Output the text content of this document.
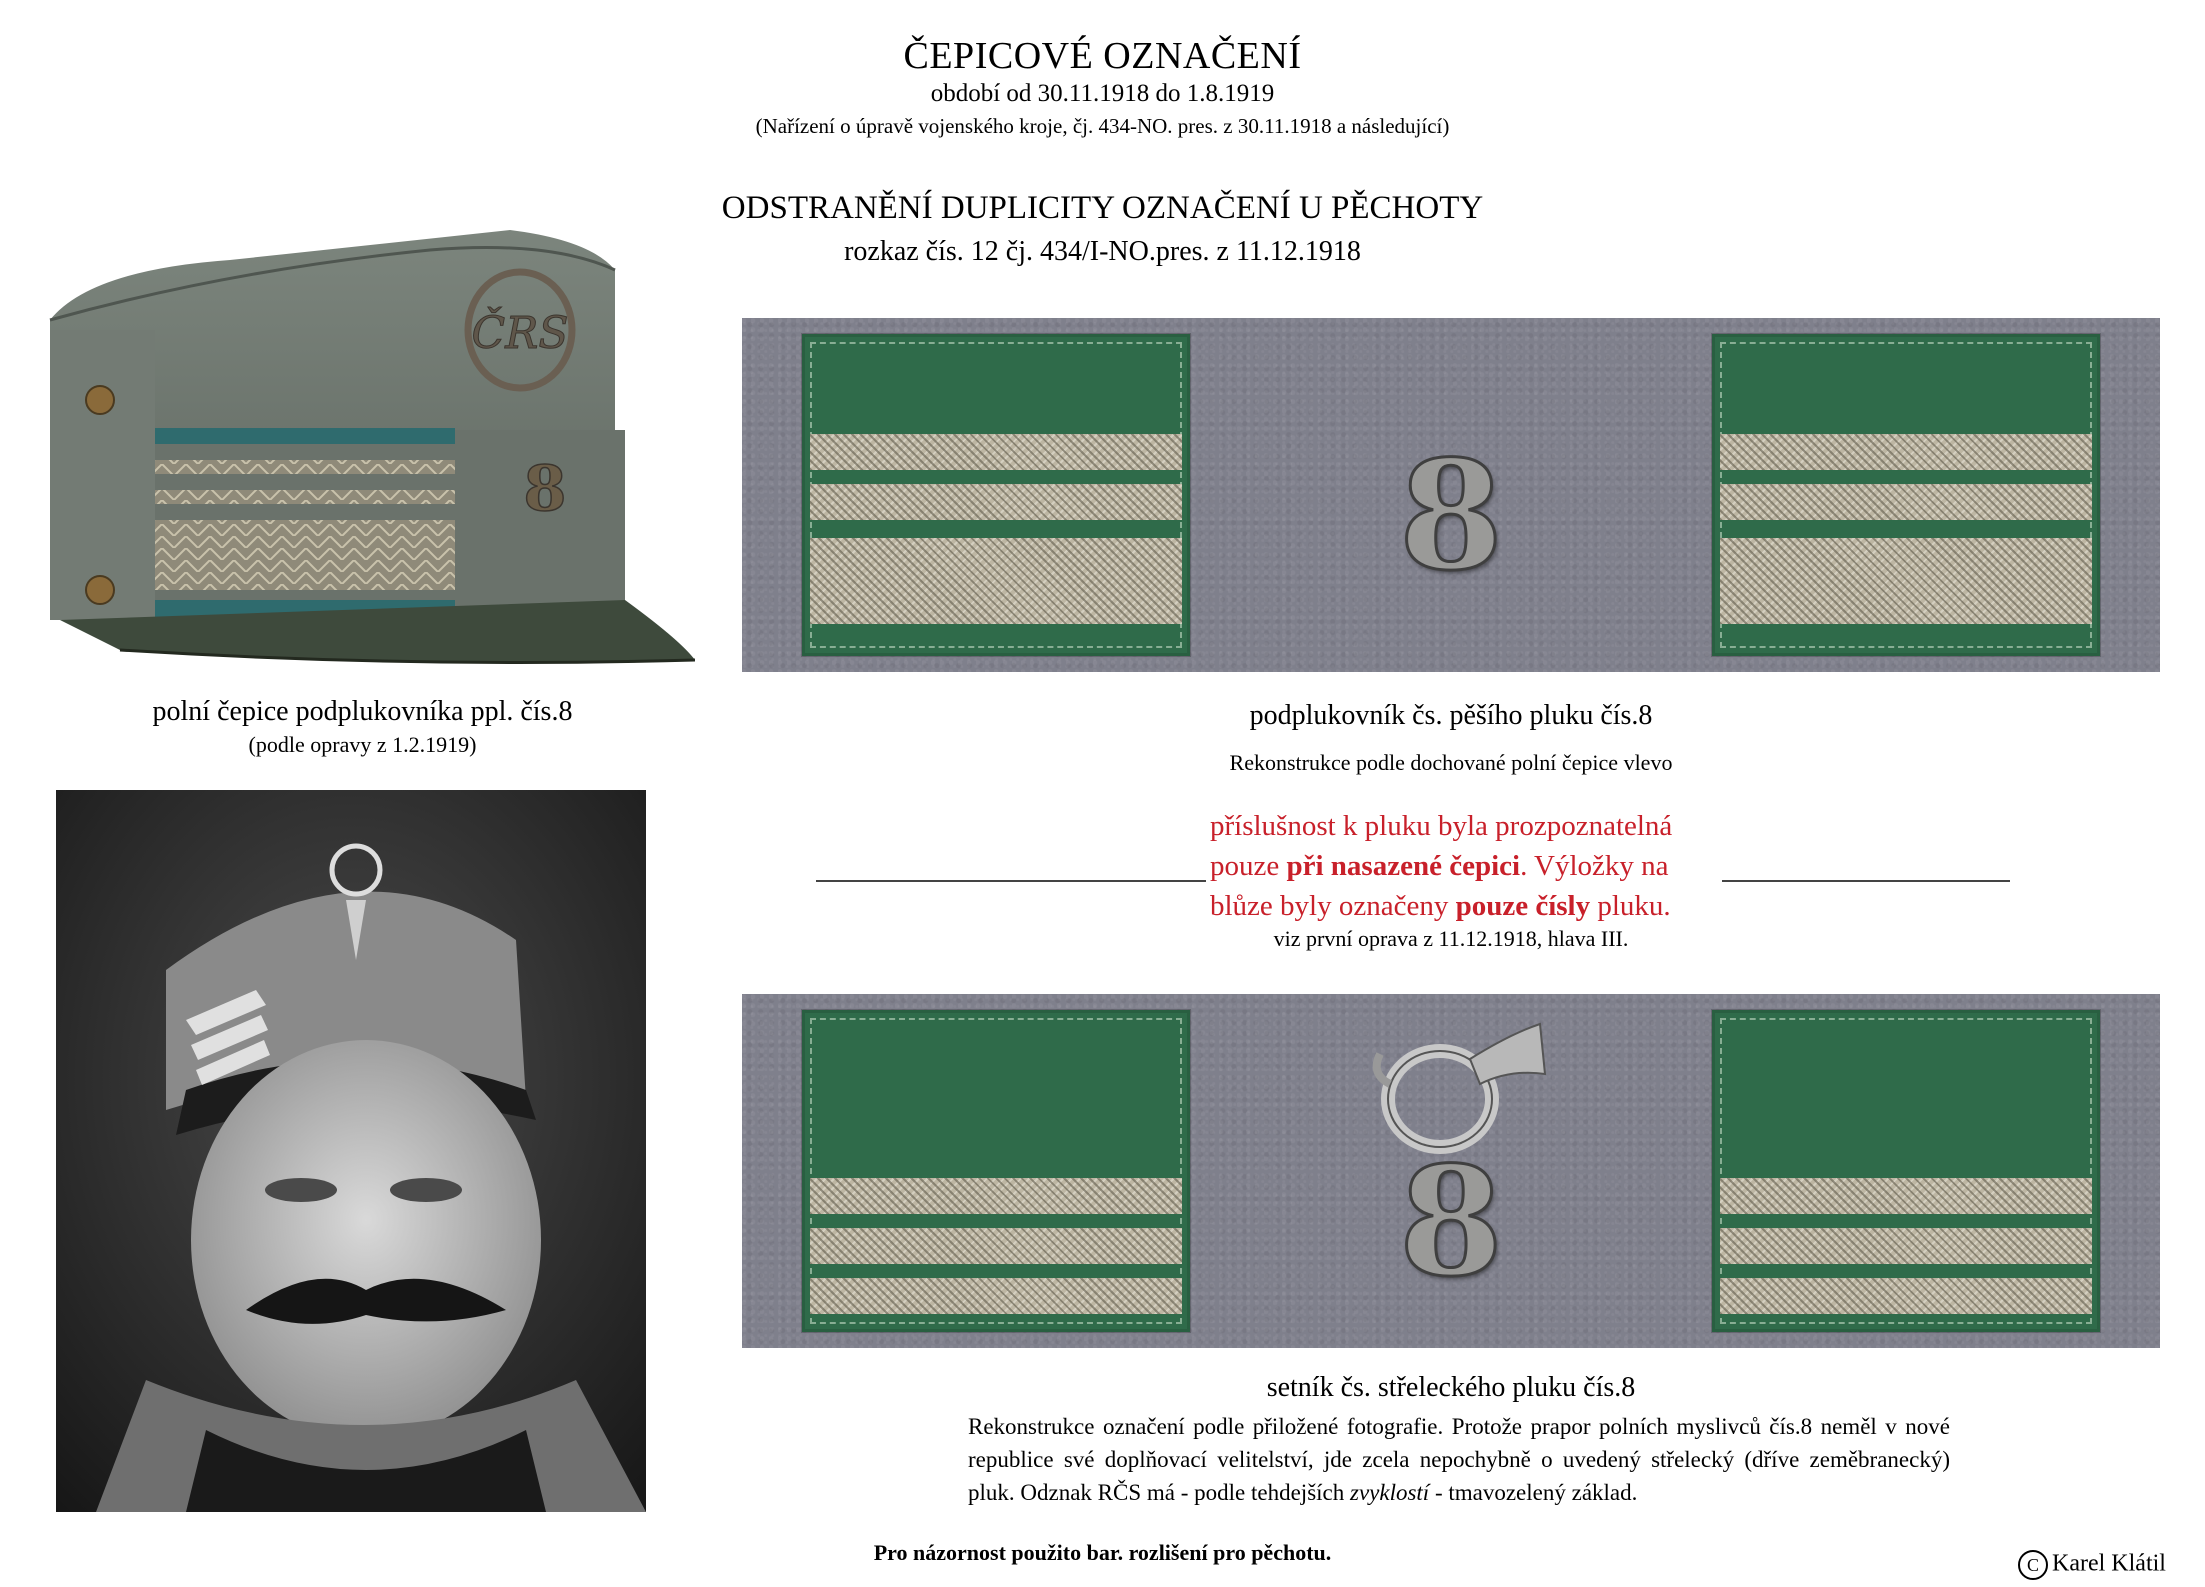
ČEPICOVÉ OZNAČENÍ
období od 30.11.1918 do 1.8.1919
(Nařízení o úpravě vojenského kroje, čj. 434-NO. pres. z 30.11.1918 a následující)
ODSTRANĚNÍ DUPLICITY OZNAČENÍ U PĚCHOTY
rozkaz čís. 12 čj. 434/I-NO.pres. z 11.12.1918
ČRS
8
polní čepice podplukovníka ppl. čís.8
(podle opravy z 1.2.1919)
8
podplukovník čs. pěšího pluku čís.8
Rekonstrukce podle dochované polní čepice vlevo
příslušnost k pluku byla prozpoznatelná pouze při nasazené čepici. Výložky na blůze byly označeny pouze čísly pluku.
viz první oprava z 11.12.1918, hlava III.
8
setník čs. střeleckého pluku čís.8
Rekonstrukce označení podle přiložené fotografie. Protože prapor polních myslivců čís.8 neměl v nové republice své doplňovací velitelství, jde zcela nepochybně o uvedený střelecký (dříve zeměbranecký) pluk. Odznak RČS má - podle tehdejších zvyklostí - tmavozelený základ.
Pro názornost použito bar. rozlišení pro pěchotu.	C Karel Klátil
